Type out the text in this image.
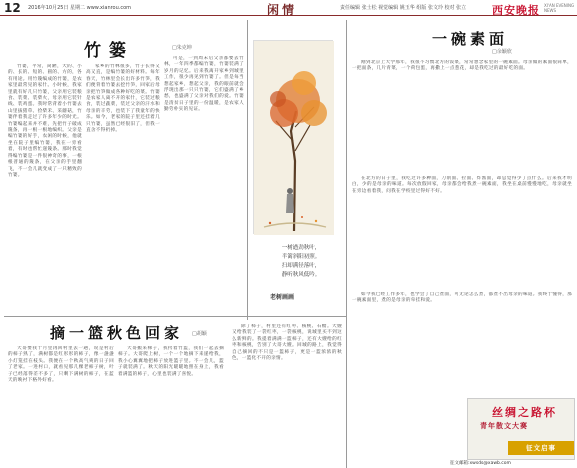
12 2016年10月25日 星期二 www.xianrou.com	闲情	责任编辑 张士松 视觉编辑 姚玉华 组版 张文玲 校对 张立 西安晚报 XI'AN EVENING NEWS
竹篓	□朱克坤
竹篓，平常，简陋，大的、小的、长的、短的、圆的、方的，各有用途。用竹篾编成的竹篓，是农家里最常见的家什。小时候，我家里就有好几只竹篓，父亲用它装粮食、装菜、装柴火，母亲用它装针线、装鸡蛋。我时常背着小竹篓去山里拔猪草、捡柴禾、采蘑菇，竹篓伴着我走过了许多年少的时光。竹篓编起来并不难，先把竹子破成篾条，再一根一根地编织。父亲是编竹篓的好手，农闲的时候，他就坐在院子里编竹篓，我在一旁看着，有时也帮忙递篾条。那时我觉得编竹篓是一件很神奇的事，一根根普通的篾条，在父亲的手里翻飞，不一会儿就变成了一只精致的竹篓。
家乡的竹林很多，竹子长得又高又直，是编竹篓的好材料。每年春天，竹林里会长出许多竹笋，我们便背着竹篓去挖竹笋，回家后母亲把竹笋做成各种好吃的菜。竹篓是农家人离不开的家什，它装过粮食，装过蔬菜，装过父亲的汗水和母亲的辛劳，也装下了我童年的快乐。如今，老家的院子里还挂着几只竹篓，虽然已经很旧了，但我一直舍不得扔掉。
可是，一到周末后父亲都要去竹林，一年四季都编竹篓，竹篓装满了岁月的记忆。后来我离开家乡到城里工作，很少再见到竹篓了。但是每当想起家乡，想起父亲，我的眼前就会浮现出那一只只竹篓，它们盛满了乡愁，也盛满了父亲对我们的爱。竹篓是清贫日子里的一份温暖，是农家人勤劳朴实的见证。
一树遒劲秋叶，
半篱斜阳初照。
扫却满径落叶，
静听秋风低吟。
老树画画
摘一篮秋色回家	□胡颖
大哥要我十月里再回村里去一趟，说是村后的柿子熟了，满树都是红彤彤的柿子，像一盏盏小灯笼挂在枝头。我便在一个秋高气爽的日子回了老家。一进村口，就看见那几棵老柿子树，叶子已经落得差不多了，只剩下满树的柿子，在蓝天的映衬下格外好看。
大哥搬来梯子，我挎着竹篮，我们一起去摘柿子。大哥爬上树，一个一个地摘下来递给我，我小心翼翼地把柿子放进篮子里。不一会儿，篮子就装满了。秋天的阳光暖暖地照在身上，我看着满篮的柿子，心里也装满了喜悦。
除了柿子，村里还有红枣、核桃、石榴。大嫂又给我装了一袋红枣，一袋核桃，说城里买不到这么新鲜的。我提着满满一篮柿子，还有大嫂给的红枣和核桃，告别了大哥大嫂。回城的路上，我觉得自己摘回的不只是一篮柿子，更是一篮浓浓的秋色，一篮化不开的亲情。
一碗素面
□余颖欣
刚到北京上大学那年，我很不习惯北方的饭菜，常常想念家里的一碗素面。母亲做的素面很简单，一把面条，几片青菜，一个荷包蛋，再撒上一点葱花，却是我吃过的最好吃的面。
在北方的日子里，我吃过许多种面，刀削面、拉面、炸酱面，却总觉得少了点什么。后来我才明白，少的是母亲的味道。每次放假回家，母亲都会给我煮一碗素面，我坐在桌前慢慢地吃，母亲就坐在旁边看着我，问我在学校里过得好不好。
如今我已经工作多年，也学会了自己煮面，可无论怎么煮，都煮不出母亲的味道。我终于懂得，那一碗素面里，煮的是母亲的牵挂和爱。
丝绸之路杯
青年散文大赛
征文启事
征文邮箱:xwsds@xawb.com
